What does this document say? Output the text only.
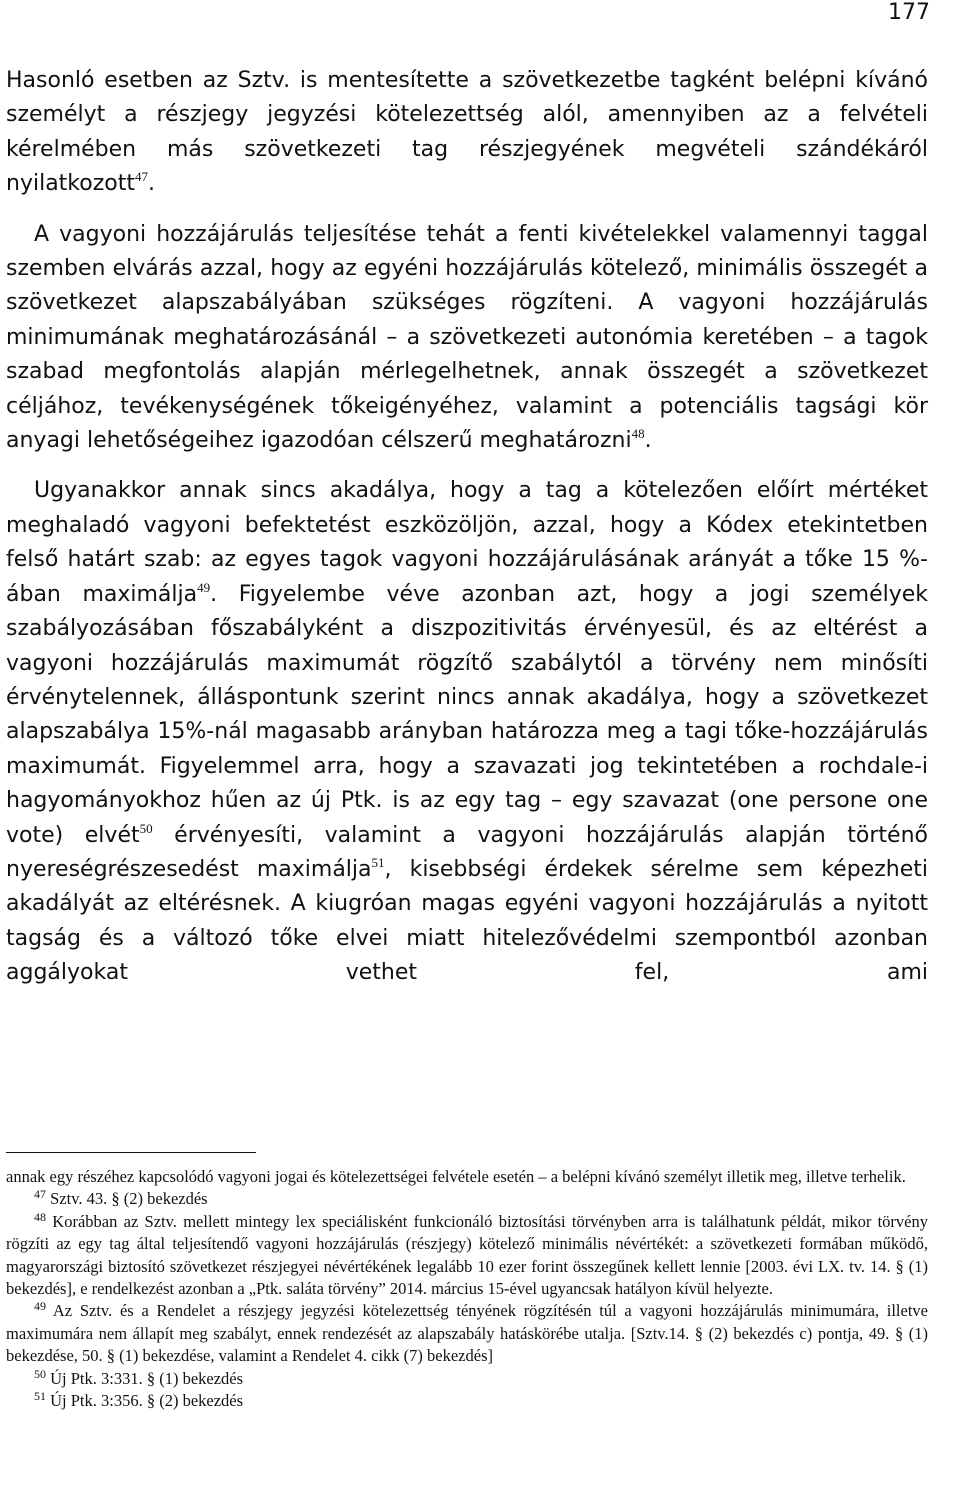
177

Hasonló esetben az Sztv. is mentesítette a szövetkezetbe tagként belépni kívánó személyt a részjegy jegyzési kötelezettség alól, amennyiben az a felvételi kérelmében más szövetkezeti tag részjegyének megvételi szándékáról nyilatkozott$^{47}$.

A vagyoni hozzájárulás teljesítése tehát a fenti kivételekkel valamennyi taggal szemben elvárás azzal, hogy az egyéni hozzájárulás kötelező, minimális összegét a szövetkezet alapszabályában szükséges rögzíteni. A vagyoni hozzájárulás minimumának meghatározásánál – a szövetkezeti autonómia keretében – a tagok szabad megfontolás alapján mérlegelhetnek, annak összegét a szövetkezet céljához, tevékenységének tőkeigényéhez, valamint a potenciális tagsági kör anyagi lehetőségeihez igazodóan célszerű meghatározni$^{48}$.

Ugyanakkor annak sincs akadálya, hogy a tag a kötelezően előírt mértéket meghaladó vagyoni befektetést eszközöljön, azzal, hogy a Kódex etekintetben felső határt szab: az egyes tagok vagyoni hozzájárulásának arányát a tőke 15 %-ában maximálja$^{49}$. Figyelembe véve azonban azt, hogy a jogi személyek szabályozásában főszabályként a diszpozitivitás érvényesül, és az eltérést a vagyoni hozzájárulás maximumát rögzítő szabálytól a törvény nem minősíti érvénytelennek, álláspontunk szerint nincs annak akadálya, hogy a szövetkezet alapszabálya 15%-nál magasabb arányban határozza meg a tagi tőke-hozzájárulás maximumát. Figyelemmel arra, hogy a szavazati jog tekintetében a rochdale-i hagyományokhoz hűen az új Ptk. is az egy tag – egy szavazat (one persone one vote) elvét$^{50}$ érvényesíti, valamint a vagyoni hozzájárulás alapján történő nyereségrészesedést maximálja$^{51}$, kisebbségi érdekek sérelme sem képezheti akadályát az eltérésnek. A kiugróan magas egyéni vagyoni hozzájárulás a nyitott tagság és a változó tőke elvei miatt hitelezővédelmi szempontból azonban aggályokat vethet fel, ami

annak egy részéhez kapcsolódó vagyoni jogai és kötelezettségei felvétele esetén – a belépni kívánó személyt illetik meg, illetve terhelik.

$^{47}$ Sztv. 43. § (2) bekezdés

$^{48}$ Korábban az Sztv. mellett mintegy lex speciálisként funkcionáló biztosítási törvényben arra is találhatunk példát, mikor törvény rögzíti az egy tag által teljesítendő vagyoni hozzájárulás (részjegy) kötelező minimális névértékét: a szövetkezeti formában működő, magyarországi biztosító szövetkezet részjegyei névértékének legalább 10 ezer forint összegűnek kellett lennie [2003. évi LX. tv. 14. § (1) bekezdés], e rendelkezést azonban a „Ptk. saláta törvény” 2014. március 15-ével ugyancsak hatályon kívül helyezte.

$^{49}$ Az Sztv. és a Rendelet a részjegy jegyzési kötelezettség tényének rögzítésén túl a vagyoni hozzájárulás minimumára, illetve maximumára nem állapít meg szabályt, ennek rendezését az alapszabály hatáskörébe utalja. [Sztv.14. § (2) bekezdés c) pontja, 49. § (1) bekezdése, 50. § (1) bekezdése, valamint a Rendelet 4. cikk (7) bekezdés]

$^{50}$ Új Ptk. 3:331. § (1) bekezdés

$^{51}$ Új Ptk. 3:356. § (2) bekezdés
